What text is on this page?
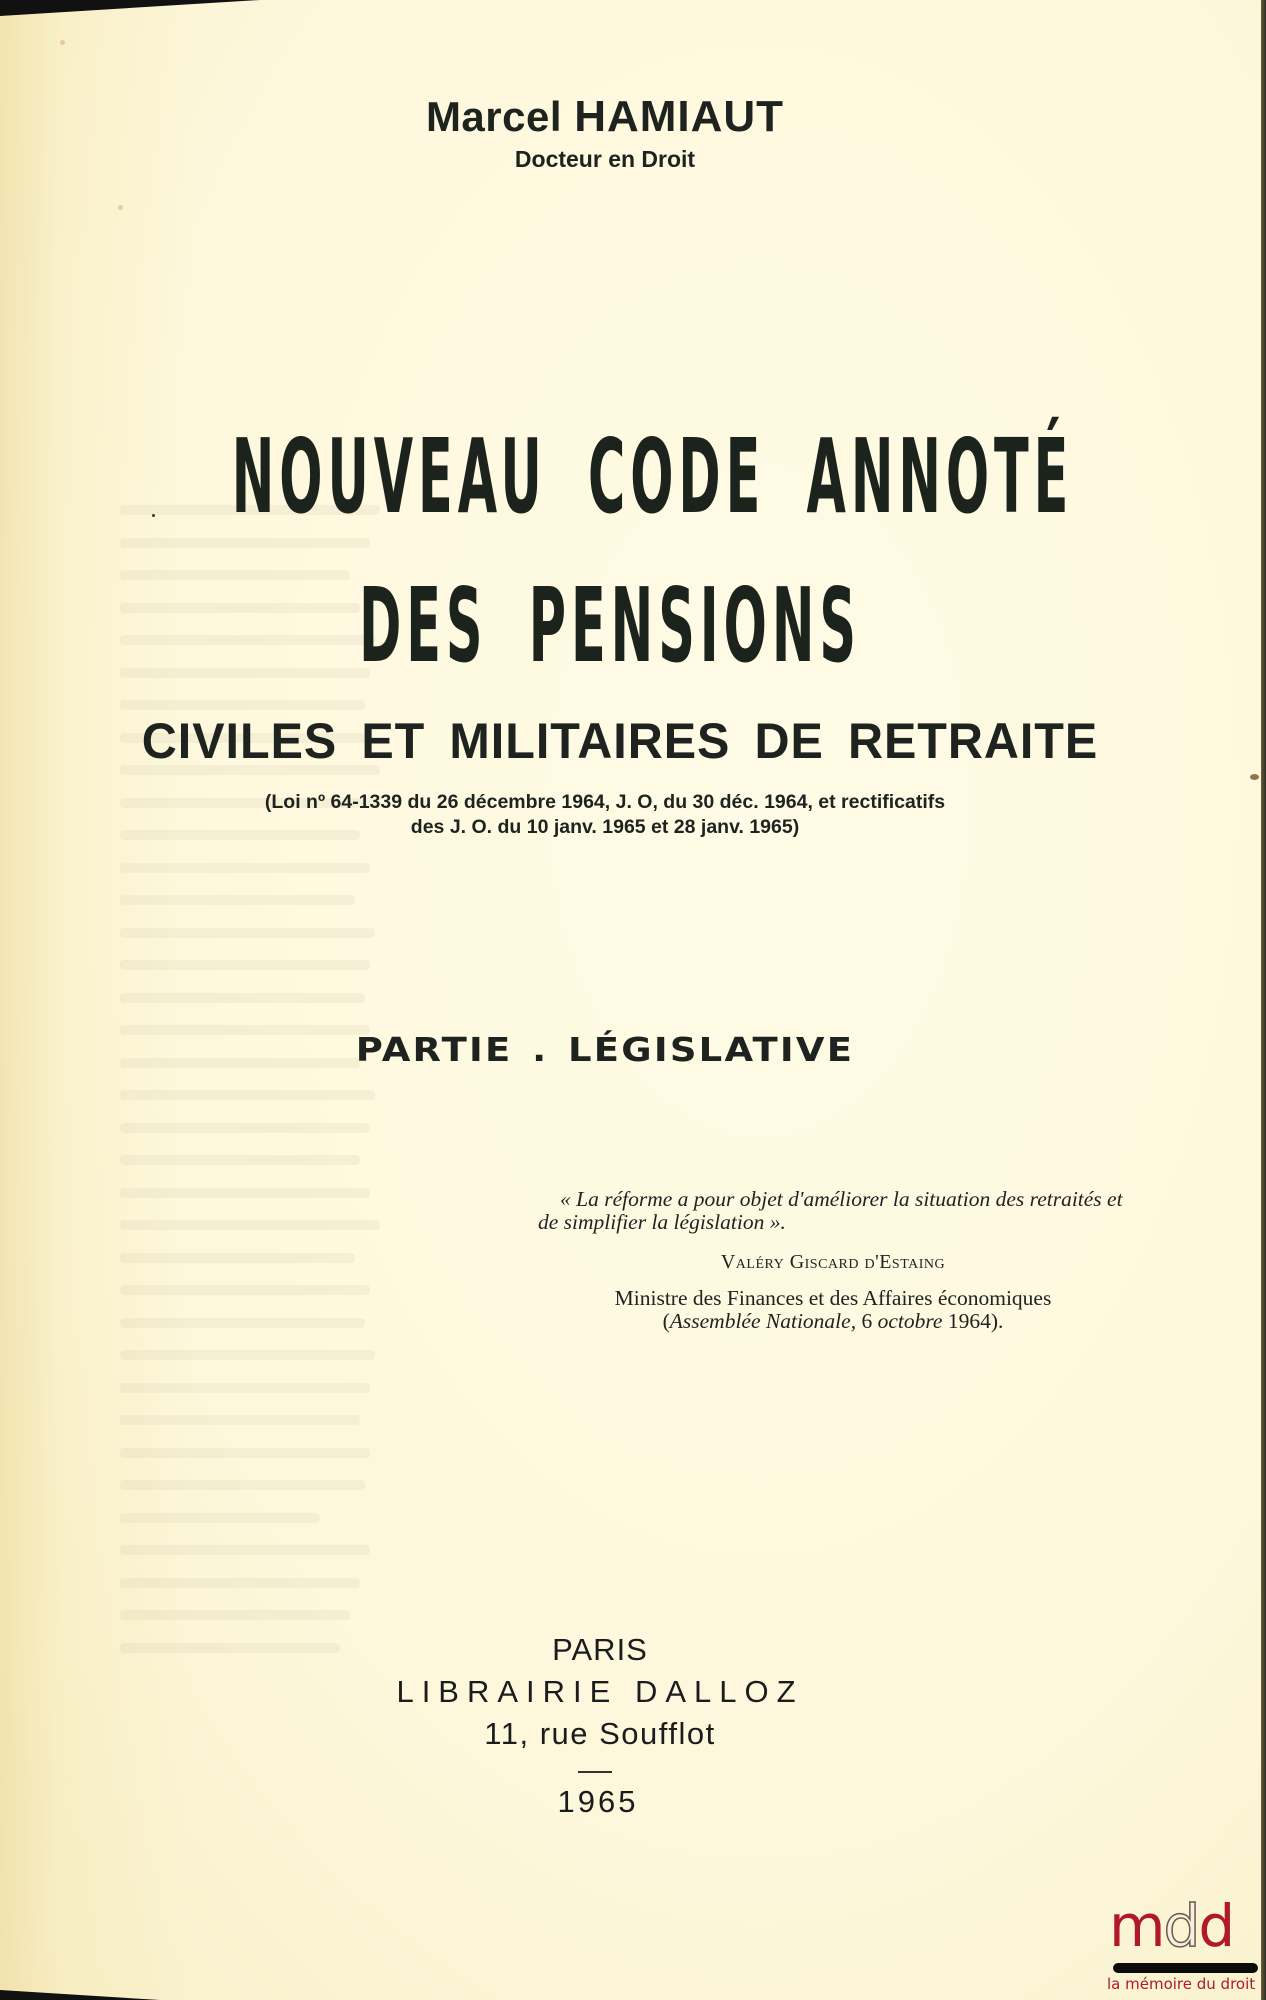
Marcel HAMIAUT
Docteur en Droit
NOUVEAU CODE ANNOTÉ
DES PENSIONS
CIVILES ET MILITAIRES DE RETRAITE
(Loi nº 64-1339 du 26 décembre 1964, J. O, du 30 déc. 1964, et rectificatifs
des J. O. du 10 janv. 1965 et 28 janv. 1965)
PARTIE . LÉGISLATIVE

« La réforme a pour objet d'améliorer la situation des retraités et de simplifier la législation ».

Valéry Giscard d'Estaing
Ministre des Finances et des Affaires économiques
(Assemblée Nationale, 6 octobre 1964).
PARIS
LIBRAIRIE DALLOZ
11, rue Soufflot
1965
mdd
la mémoire du droit
